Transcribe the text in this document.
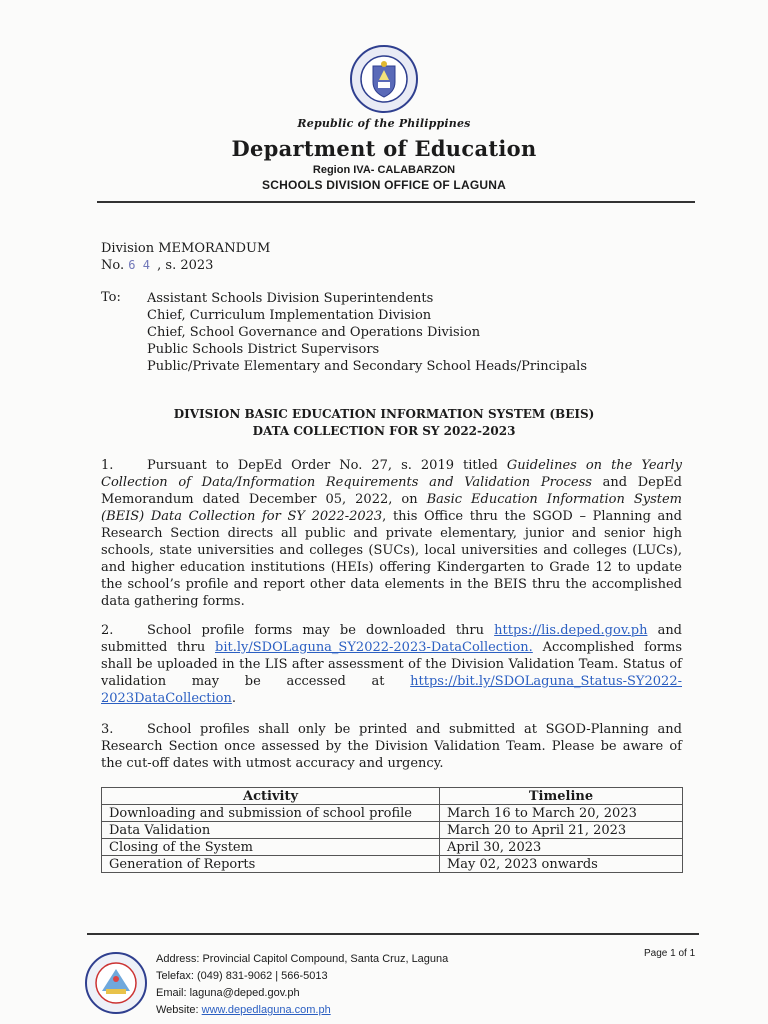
Republic of the Philippines
Department of Education
Region IVA- CALABARZON
SCHOOLS DIVISION OFFICE OF LAGUNA
Division MEMORANDUM
No. 6 4 , s. 2023
To: Assistant Schools Division Superintendents
Chief, Curriculum Implementation Division
Chief, School Governance and Operations Division
Public Schools District Supervisors
Public/Private Elementary and Secondary School Heads/Principals
DIVISION BASIC EDUCATION INFORMATION SYSTEM (BEIS)
DATA COLLECTION FOR SY 2022-2023

1.	Pursuant to DepEd Order No. 27, s. 2019 titled Guidelines on the Yearly Collection of Data/Information Requirements and Validation Process and DepEd Memorandum dated December 05, 2022, on Basic Education Information System (BEIS) Data Collection for SY 2022-2023, this Office thru the SGOD – Planning and Research Section directs all public and private elementary, junior and senior high schools, state universities and colleges (SUCs), local universities and colleges (LUCs), and higher education institutions (HEIs) offering Kindergarten to Grade 12 to update the school’s profile and report other data elements in the BEIS thru the accomplished data gathering forms.

2.	School profile forms may be downloaded thru https://lis.deped.gov.ph and submitted thru bit.ly/SDOLaguna_SY2022-2023-DataCollection. Accomplished forms shall be uploaded in the LIS after assessment of the Division Validation Team. Status of validation may be accessed at https://bit.ly/SDOLaguna_Status-SY2022-2023DataCollection.

3.	School profiles shall only be printed and submitted at SGOD-Planning and Research Section once assessed by the Division Validation Team. Please be aware of the cut-off dates with utmost accuracy and urgency.

Activity	Timeline
Downloading and submission of school profile	March 16 to March 20, 2023
Data Validation	March 20 to April 21, 2023
Closing of the System	April 30, 2023
Generation of Reports	May 02, 2023 onwards
Address: Provincial Capitol Compound, Santa Cruz, Laguna
Telefax: (049) 831-9062 | 566-5013
Email: laguna@deped.gov.ph
Website: www.depedlaguna.com.ph
Page 1 of 1
